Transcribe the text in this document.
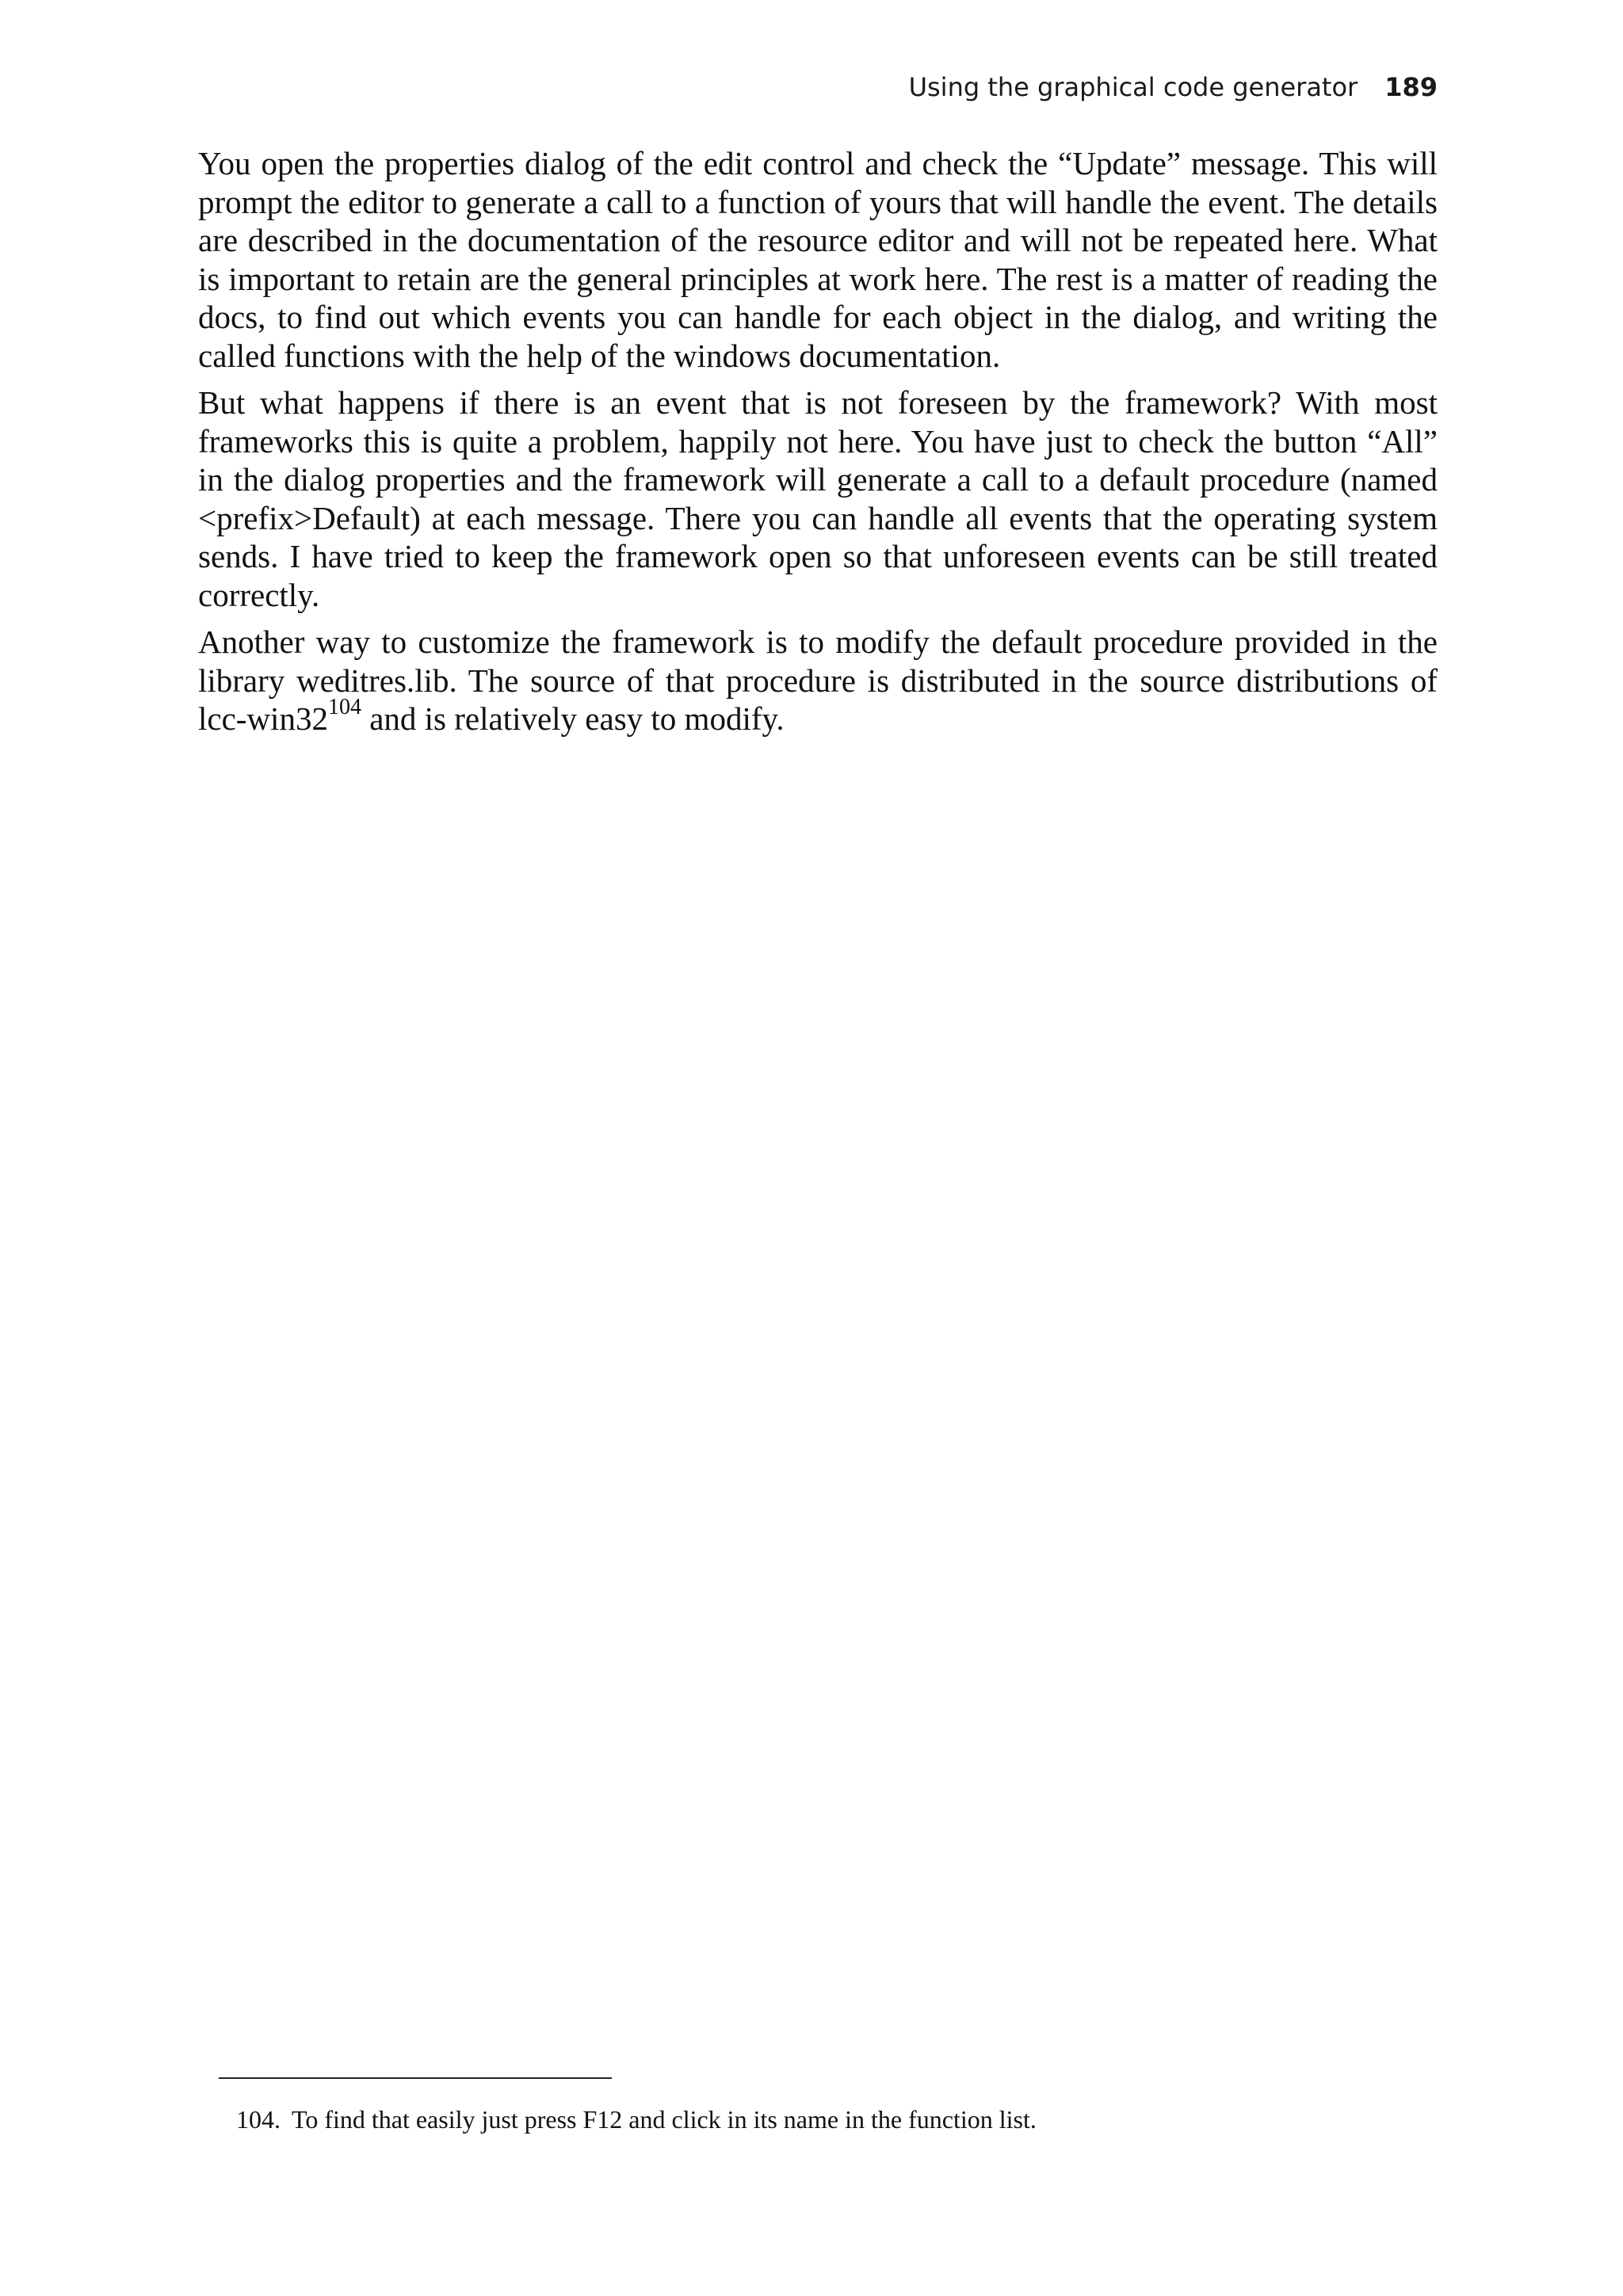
Using the graphical code generator 189

You open the properties dialog of the edit control and check the “Update” message. This will prompt the editor to generate a call to a function of yours that will handle the event. The details are described in the documentation of the resource editor and will not be repeated here. What is important to retain are the general principles at work here. The rest is a matter of reading the docs, to find out which events you can handle for each object in the dialog, and writing the called functions with the help of the windows documentation.

But what happens if there is an event that is not foreseen by the framework? With most frameworks this is quite a problem, happily not here. You have just to check the button “All” in the dialog properties and the framework will generate a call to a default procedure (named <prefix>Default) at each message. There you can handle all events that the operating system sends. I have tried to keep the framework open so that unforeseen events can be still treated correctly.

Another way to customize the framework is to modify the default procedure provided in the library weditres.lib. The source of that procedure is distributed in the source distributions of lcc-$win32^{104}$ and is relatively easy to modify.

104. To find that easily just press F12 and click in its name in the function list.
